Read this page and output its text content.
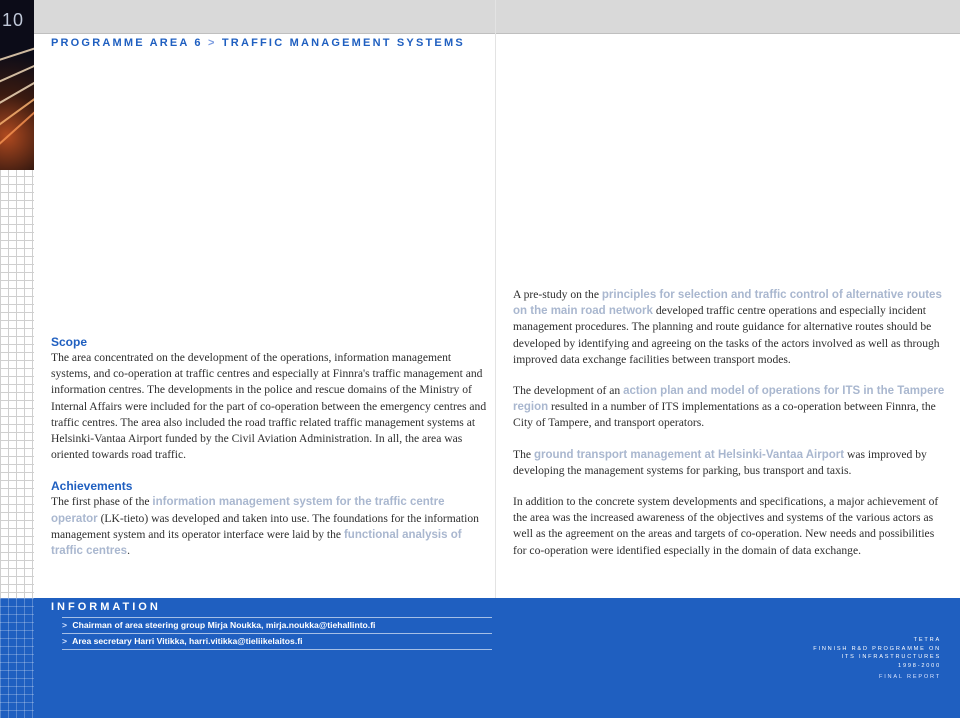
10
PROGRAMME AREA 6 > TRAFFIC MANAGEMENT SYSTEMS
Scope

The area concentrated on the development of the operations, information management systems, and co-operation at traffic centres and especially at Finnra's traffic management and information centres. The developments in the police and rescue domains of the Ministry of Internal Affairs were included for the part of co-operation between the emergency centres and traffic centres. The area also included the road traffic related traffic management systems at Helsinki-Vantaa Airport funded by the Civil Aviation Administration. In all, the area was oriented towards road traffic.

Achievements

The first phase of the information management system for the traffic centre operator (LK-tieto) was developed and taken into use. The foundations for the information management system and its operator interface were laid by the functional analysis of traffic centres.

A pre-study on the principles for selection and traffic control of alternative routes on the main road network developed traffic centre operations and especially incident management procedures. The planning and route guidance for alternative routes should be developed by identifying and agreeing on the tasks of the actors involved as well as through improved data exchange facilities between transport modes.

The development of an action plan and model of operations for ITS in the Tampere region resulted in a number of ITS implementations as a co-operation between Finnra, the City of Tampere, and transport operators.

The ground transport management at Helsinki-Vantaa Airport was improved by developing the management systems for parking, bus transport and taxis.

In addition to the concrete system developments and specifications, a major achievement of the area was the increased awareness of the objectives and systems of the various actors as well as the agreement on the areas and targets of co-operation. New needs and possibilities for co-operation were identified especially in the domain of data exchange.

INFORMATION
> Chairman of area steering group Mirja Noukka, mirja.noukka@tiehallinto.fi
> Area secretary Harri Vitikka, harri.vitikka@tieliikelaitos.fi	TETRA
FINNISH R&D PROGRAMME ON
ITS INFRASTRUCTURES
1998-2000
FINAL REPORT
